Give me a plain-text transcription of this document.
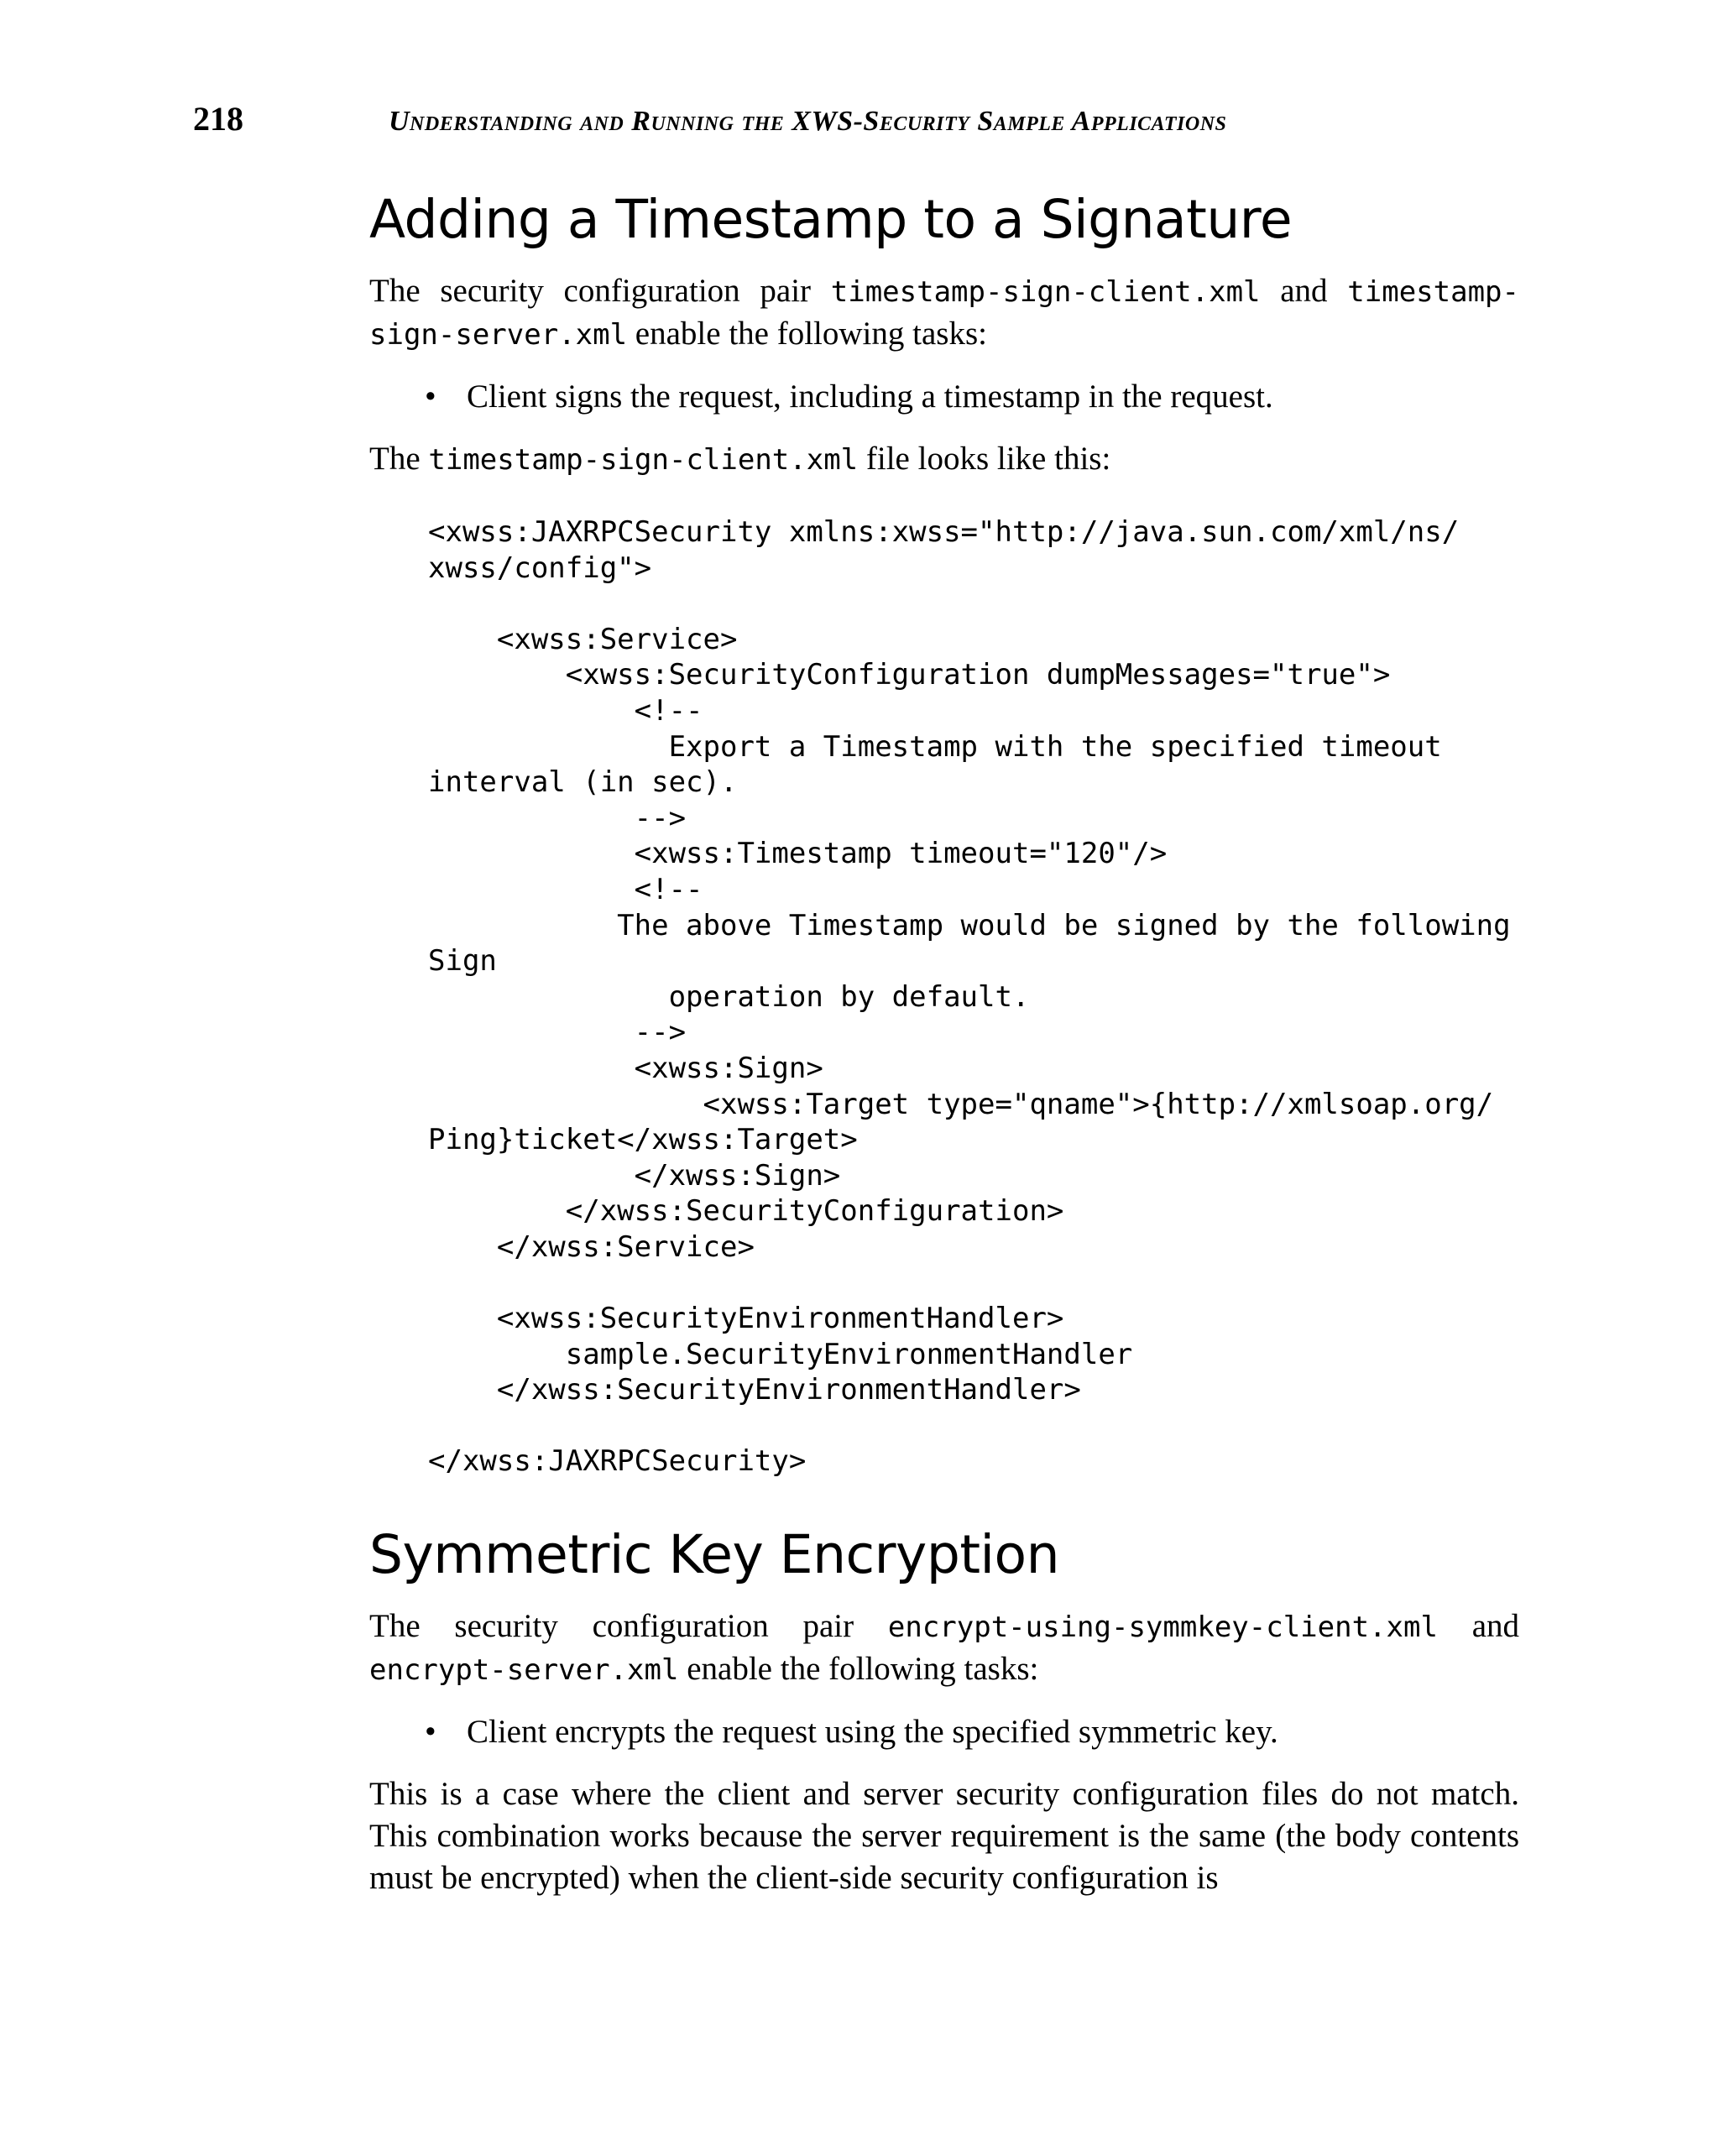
218	Understanding and Running the XWS-Security Sample Applications
Adding a Timestamp to a Signature

The security configuration pair timestamp-sign-client.xml and timestamp-sign-server.xml enable the following tasks:

• Client signs the request, including a timestamp in the request.

The timestamp-sign-client.xml file looks like this:

<xwss:JAXRPCSecurity xmlns:xwss="http://java.sun.com/xml/ns/
xwss/config">

<xwss:Service>
<xwss:SecurityConfiguration dumpMessages="true">
<!--
Export a Timestamp with the specified timeout
interval (in sec).
-->
<xwss:Timestamp timeout="120"/>
<!--
The above Timestamp would be signed by the following
Sign
operation by default.
-->
<xwss:Sign>
<xwss:Target type="qname">{http://xmlsoap.org/
Ping}ticket</xwss:Target>
</xwss:Sign>
</xwss:SecurityConfiguration>
</xwss:Service>

<xwss:SecurityEnvironmentHandler>
sample.SecurityEnvironmentHandler
</xwss:SecurityEnvironmentHandler>

</xwss:JAXRPCSecurity>
Symmetric Key Encryption

The security configuration pair encrypt-using-symmkey-client.xml and encrypt-server.xml enable the following tasks:

• Client encrypts the request using the specified symmetric key.

This is a case where the client and server security configuration files do not match. This combination works because the server requirement is the same (the body contents must be encrypted) when the client-side security configuration is
